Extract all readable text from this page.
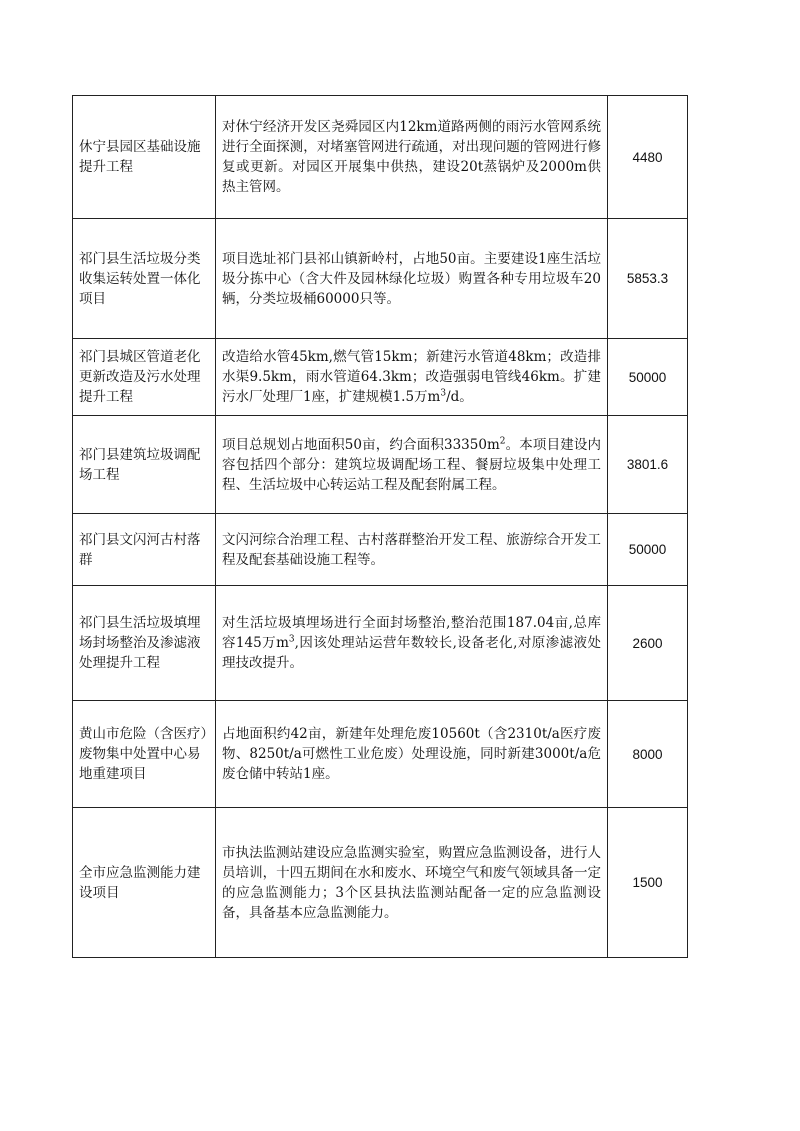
休宁县园区基础设施提升工程	对休宁经济开发区尧舜园区内12km道路两侧的雨污水管网系统进行全面探测，对堵塞管网进行疏通，对出现问题的管网进行修复或更新。对园区开展集中供热，建设20t蒸锅炉及2000m供热主管网。	4480
祁门县生活垃圾分类收集运转处置一体化项目	项目选址祁门县祁山镇新岭村，占地50亩。主要建设1座生活垃圾分拣中心（含大件及园林绿化垃圾）购置各种专用垃圾车20辆，分类垃圾桶60000只等。	5853.3
祁门县城区管道老化更新改造及污水处理提升工程	改造给水管45km,燃气管15km；新建污水管道48km；改造排水渠9.5km，雨水管道64.3km；改造强弱电管线46km。扩建污水厂处理厂1座，扩建规模1.5万$m^3/d$。	50000
祁门县建筑垃圾调配场工程	项目总规划占地面积50亩，约合面积$33350m^2$。本项目建设内容包括四个部分：建筑垃圾调配场工程、餐厨垃圾集中处理工程、生活垃圾中心转运站工程及配套附属工程。	3801.6
祁门县文闪河古村落群	文闪河综合治理工程、古村落群整治开发工程、旅游综合开发工程及配套基础设施工程等。	50000
祁门县生活垃圾填埋场封场整治及渗滤液处理提升工程	对生活垃圾填埋场进行全面封场整治,整治范围187.04亩,总库容145万$m^3$,因该处理站运营年数较长,设备老化,对原渗滤液处理技改提升。	2600
黄山市危险（含医疗）废物集中处置中心易地重建项目	占地面积约42亩，新建年处理危废10560t（含2310t/a医疗废物、8250t/a可燃性工业危废）处理设施，同时新建3000t/a危废仓储中转站1座。	8000
全市应急监测能力建设项目	市执法监测站建设应急监测实验室，购置应急监测设备，进行人员培训，十四五期间在水和废水、环境空气和废气领域具备一定的应急监测能力；3个区县执法监测站配备一定的应急监测设备，具备基本应急监测能力。	1500
